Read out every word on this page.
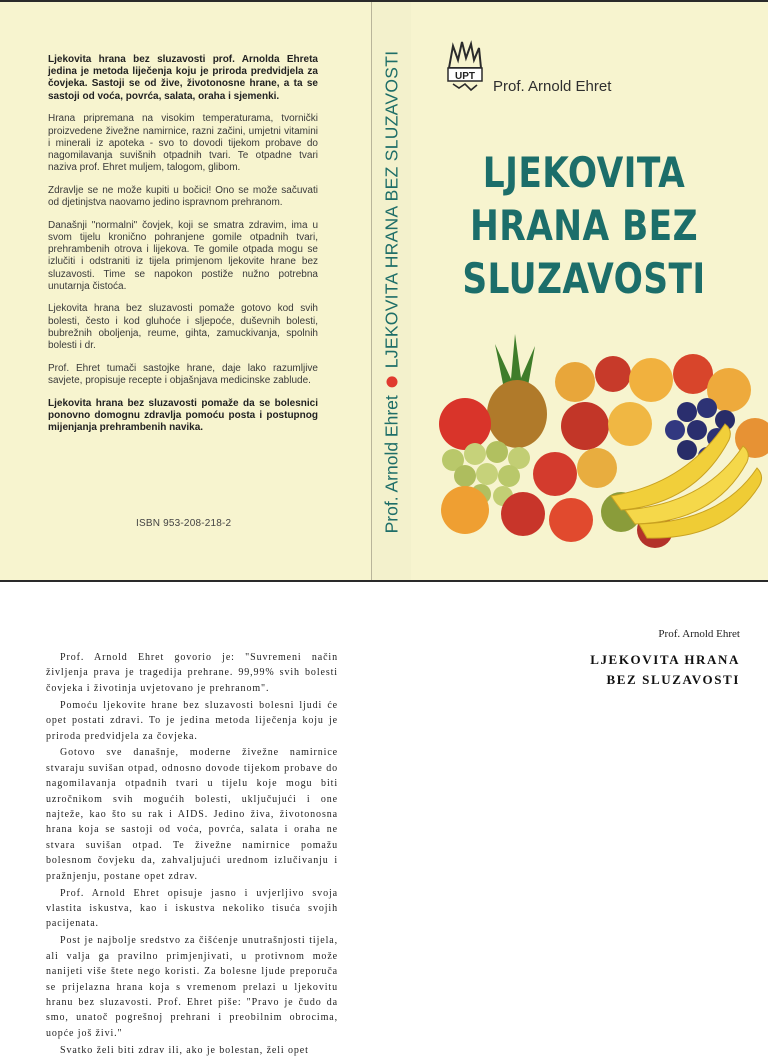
Ljekovita hrana bez sluzavosti prof. Arnolda Ehreta jedina je metoda liječenja koju je priroda predvidjela za čovjeka. Sastoji se od žive, životonosne hrane, a ta se sastoji od voća, povrća, salata, oraha i sjemenki.

Hrana pripremana na visokim temperaturama, tvornički proizvedene živežne namirnice, razni začini, umjetni vitamini i minerali iz apoteka - svo to dovodi tijekom probave do nagomilavanja suvišnih otpadnih tvari. Te otpadne tvari naziva prof. Ehret muljem, talogom, glibom.

Zdravlje se ne može kupiti u bočici! Ono se može sačuvati od djetinjstva naovamo jedino ispravnom prehranom.

Današnji "normalni" čovjek, koji se smatra zdravim, ima u svom tijelu kronično pohranjene gomile otpadnih tvari, prehrambenih otrova i lijekova. Te gomile otpada mogu se izlučiti i odstraniti iz tijela primjenom ljekovite hrane bez sluzavosti. Time se napokon postiže nužno potrebna unutarnja čistoća.

Ljekovita hrana bez sluzavosti pomaže gotovo kod svih bolesti, često i kod gluhoće i sljepoće, duševnih bolesti, bubrežnih oboljenja, reume, gihta, zamuckivanja, spolnih bolesti i dr.

Prof. Ehret tumači sastojke hrane, daje lako razumljive savjete, propisuje recepte i objašnjava medicinske zablude.

Ljekovita hrana bez sluzavosti pomaže da se bolesnici ponovno domognu zdravlja pomoću posta i postupnog mijenjanja prehrambenih navika.

ISBN 953-208-218-2	Prof. Arnold Ehret
LJEKOVITA HRANA BEZ SLUZAVOSTI	UPT
Prof. Arnold Ehret
LJEKOVITA
HRANA BEZ
SLUZAVOSTI

Prof. Arnold Ehret govorio je: "Suvremeni način življenja prava je tragedija prehrane. 99,99% svih bolesti čovjeka i životinja uvjetovano je prehranom".

Pomoću ljekovite hrane bez sluzavosti bolesni ljudi će opet postati zdravi. To je jedina metoda liječenja koju je priroda predvidjela za čovjeka.

Gotovo sve današnje, moderne živežne namirnice stvaraju suvišan otpad, odnosno dovode tijekom probave do nagomilavanja otpadnih tvari u tijelu koje mogu biti uzročnikom svih mogućih bolesti, uključujući i one najteže, kao što su rak i AIDS. Jedino živa, životonosna hrana koja se sastoji od voća, povrća, salata i oraha ne stvara suvišan otpad. Te živežne namirnice pomažu bolesnom čovjeku da, zahvaljujući urednom izlučivanju i pražnjenju, postane opet zdrav.

Prof. Arnold Ehret opisuje jasno i uvjerljivo svoja vlastita iskustva, kao i iskustva nekoliko tisuća svojih pacijenata.

Post je najbolje sredstvo za čišćenje unutrašnjosti tijela, ali valja ga pravilno primjenjivati, u protivnom može nanijeti više štete nego koristi. Za bolesne ljude preporuča se prijelazna hrana koja s vremenom prelazi u ljekovitu hranu bez sluzavosti. Prof. Ehret piše: "Pravo je čudo da smo, unatoč pogrešnoj prehrani i preobilnim obrocima, uopće još živi."

Svatko želi biti zdrav ili, ako je bolestan, želi opet

Prof. Arnold Ehret
LJEKOVITA HRANA
BEZ SLUZAVOSTI
